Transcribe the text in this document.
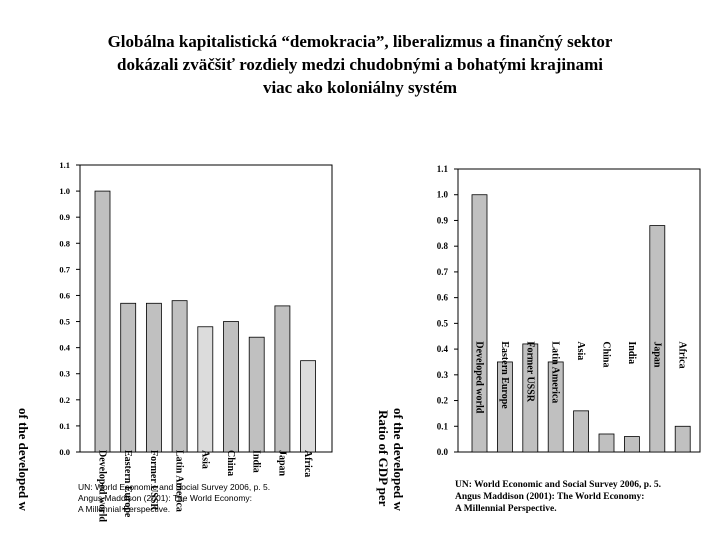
Globálna kapitalistická “demokracia”, liberalizmus a finančný sektor
dokázali zväčšiť rozdiely medzi chudobnými a bohatými krajinami
viac ako koloniálny systém
0.0
0.1
0.2
0.3
0.4
0.5
0.6
0.7
0.8
0.9
1.0
1.1
Developed world Eastern Europe Former USSR Latin America Asia China India Japan Africa	0.0
0.1
0.2
0.3
0.4
0.5
0.6
0.7
0.8
0.9
1.0
1.1
Developed world Eastern Europe Former USSR Latin America Asia China India Japan Africa
of the developed w	of the developed w
Ratio of GDP per
UN: World Economic and Social Survey 2006, p. 5.
Angus Maddison (2001): The World Economy:
A Millennial Perspective.
UN: World Economic and Social Survey 2006, p. 5.
Angus Maddison (2001): The World Economy:
A Millennial Perspective.
